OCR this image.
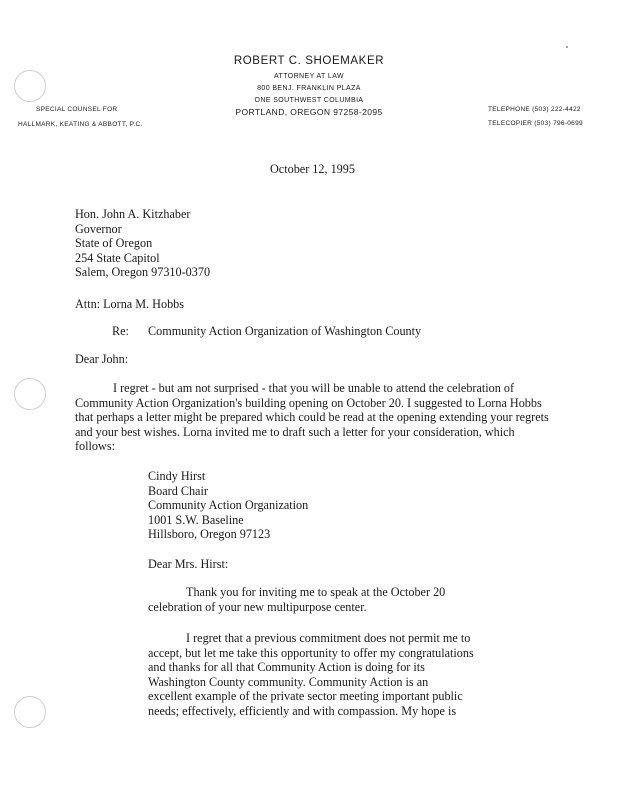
ROBERT C. SHOEMAKER
ATTORNEY AT LAW
800 BENJ. FRANKLIN PLAZA
ONE SOUTHWEST COLUMBIA
PORTLAND, OREGON 97258-2095
SPECIAL COUNSEL FOR
HALLMARK, KEATING & ABBOTT, P.C.
TELEPHONE (503) 222-4422
TELECOPIER (503) 796-0699
October 12, 1995
Hon. John A. Kitzhaber
Governor
State of Oregon
254 State Capitol
Salem, Oregon 97310-0370
Attn: Lorna M. Hobbs
Re: Community Action Organization of Washington County
Dear John:
I regret - but am not surprised - that you will be unable to attend the celebration of
Community Action Organization's building opening on October 20. I suggested to Lorna Hobbs
that perhaps a letter might be prepared which could be read at the opening extending your regrets
and your best wishes. Lorna invited me to draft such a letter for your consideration, which
follows:
Cindy Hirst
Board Chair
Community Action Organization
1001 S.W. Baseline
Hillsboro, Oregon 97123
Dear Mrs. Hirst:
Thank you for inviting me to speak at the October 20
celebration of your new multipurpose center.
I regret that a previous commitment does not permit me to
accept, but let me take this opportunity to offer my congratulations
and thanks for all that Community Action is doing for its
Washington County community. Community Action is an
excellent example of the private sector meeting important public
needs; effectively, efficiently and with compassion. My hope is
